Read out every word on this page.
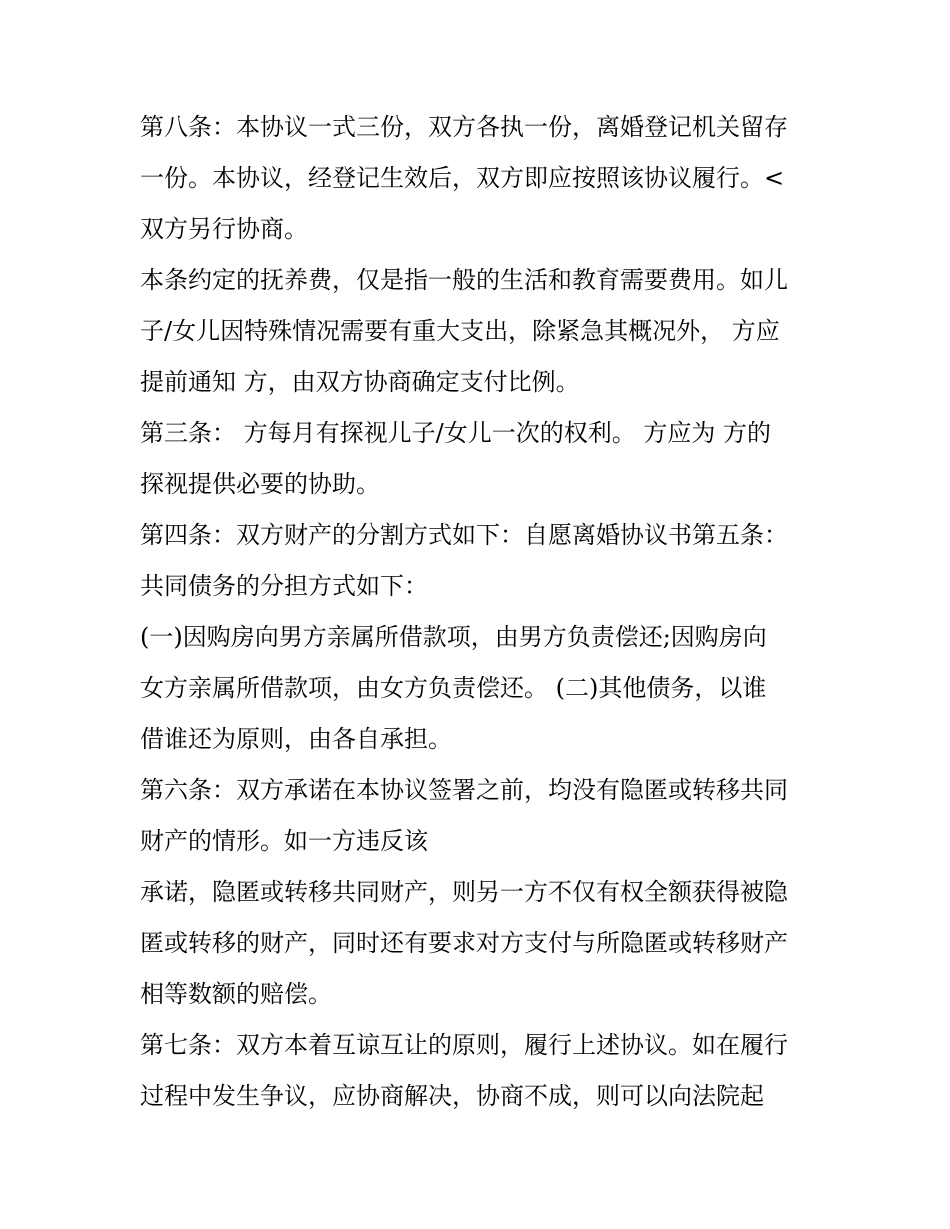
第八条：本协议一式三份，双方各执一份，离婚登记机关留存
一份。本协议，经登记生效后，双方即应按照该协议履行。<
双方另行协商。
本条约定的抚养费，仅是指一般的生活和教育需要费用。如儿
子/女儿因特殊情况需要有重大支出，除紧急其概况外， 方应
提前通知 方，由双方协商确定支付比例。
第三条： 方每月有探视儿子/女儿一次的权利。 方应为 方的
探视提供必要的协助。
第四条：双方财产的分割方式如下：自愿离婚协议书第五条：
共同债务的分担方式如下：
(一)因购房向男方亲属所借款项，由男方负责偿还;因购房向
女方亲属所借款项，由女方负责偿还。 (二)其他债务，以谁
借谁还为原则，由各自承担。
第六条：双方承诺在本协议签署之前，均没有隐匿或转移共同
财产的情形。如一方违反该
承诺，隐匿或转移共同财产，则另一方不仅有权全额获得被隐
匿或转移的财产，同时还有要求对方支付与所隐匿或转移财产
相等数额的赔偿。
第七条：双方本着互谅互让的原则，履行上述协议。如在履行
过程中发生争议，应协商解决，协商不成，则可以向法院起
